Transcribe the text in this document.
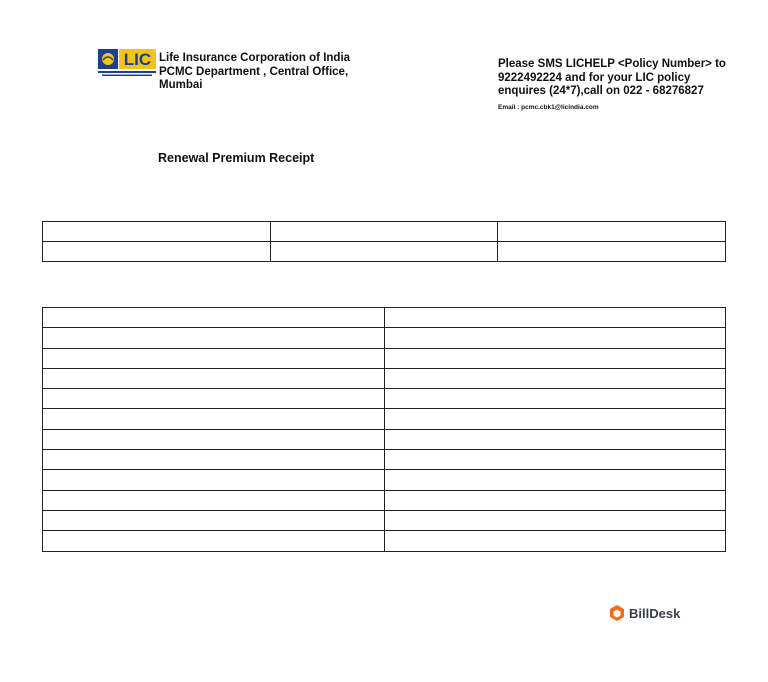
LIC Life Insurance Corporation of India
PCMC Department , Central Office,
Mumbai
Please SMS LICHELP <Policy Number> to
9222492224 and for your LIC policy
enquires (24*7),call on 022 - 68276827
Email : pcmc.cbk1@licindia.com
Renewal Premium Receipt

BillDesk
